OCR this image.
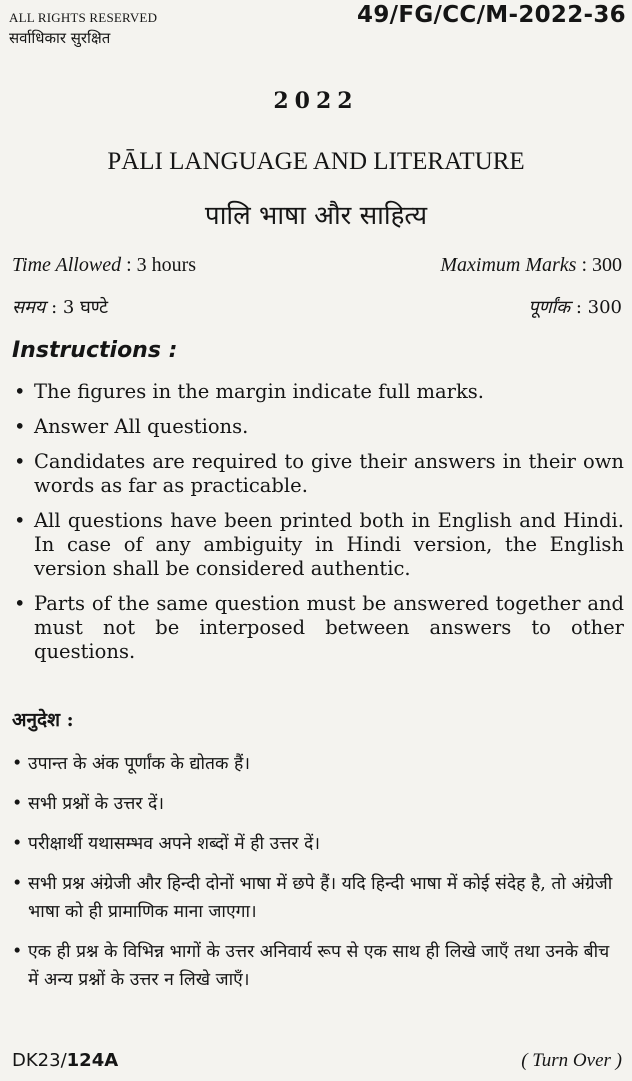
ALL RIGHTS RESERVED
सर्वाधिकार सुरक्षित
49/FG/CC/M-2022-36
2022
PĀLI LANGUAGE AND LITERATURE
पालि भाषा और साहित्य
Time Allowed : 3 hours	Maximum Marks : 300
समय : 3 घण्टे	पूर्णांक : 300
Instructions :
• The figures in the margin indicate full marks.
• Answer All questions.
• Candidates are required to give their answers in their own words as far as practicable.
• All questions have been printed both in English and Hindi. In case of any ambiguity in Hindi version, the English version shall be considered authentic.
• Parts of the same question must be answered together and must not be interposed between answers to other questions.
अनुदेश :
• उपान्त के अंक पूर्णांक के द्योतक हैं।
• सभी प्रश्नों के उत्तर दें।
• परीक्षार्थी यथासम्भव अपने शब्दों में ही उत्तर दें।
• सभी प्रश्न अंग्रेजी और हिन्दी दोनों भाषा में छपे हैं। यदि हिन्दी भाषा में कोई संदेह है, तो अंग्रेजी भाषा को ही प्रामाणिक माना जाएगा।
• एक ही प्रश्न के विभिन्न भागों के उत्तर अनिवार्य रूप से एक साथ ही लिखे जाएँ तथा उनके बीच में अन्य प्रश्नों के उत्तर न लिखे जाएँ।
DK23/124A	( Turn Over )
